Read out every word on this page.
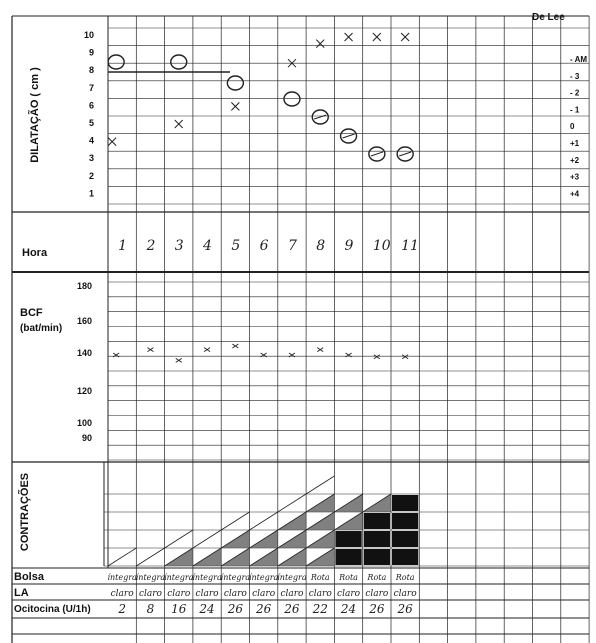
De Lee
DILATAÇÃO ( cm )
10
9
8
7
6
5
4
3
2
1
- AM
- 3
- 2
- 1
0
+1
+2
+3
+4
Hora	1 2 3 4 5 6 7 8 9 10 11
BCF
(bat/min)
180
160
140
120
100
90
CONTRAÇÕES
Bolsa
LA
Ocitocina (U/1h)
íntegra
íntegra
íntegra
íntegra
íntegra
íntegra
íntegra Rota Rota Rota Rota
claro claro claro claro claro claro claro claro claro claro claro
2 8 16 24 26 26 26 22 24 26 26
